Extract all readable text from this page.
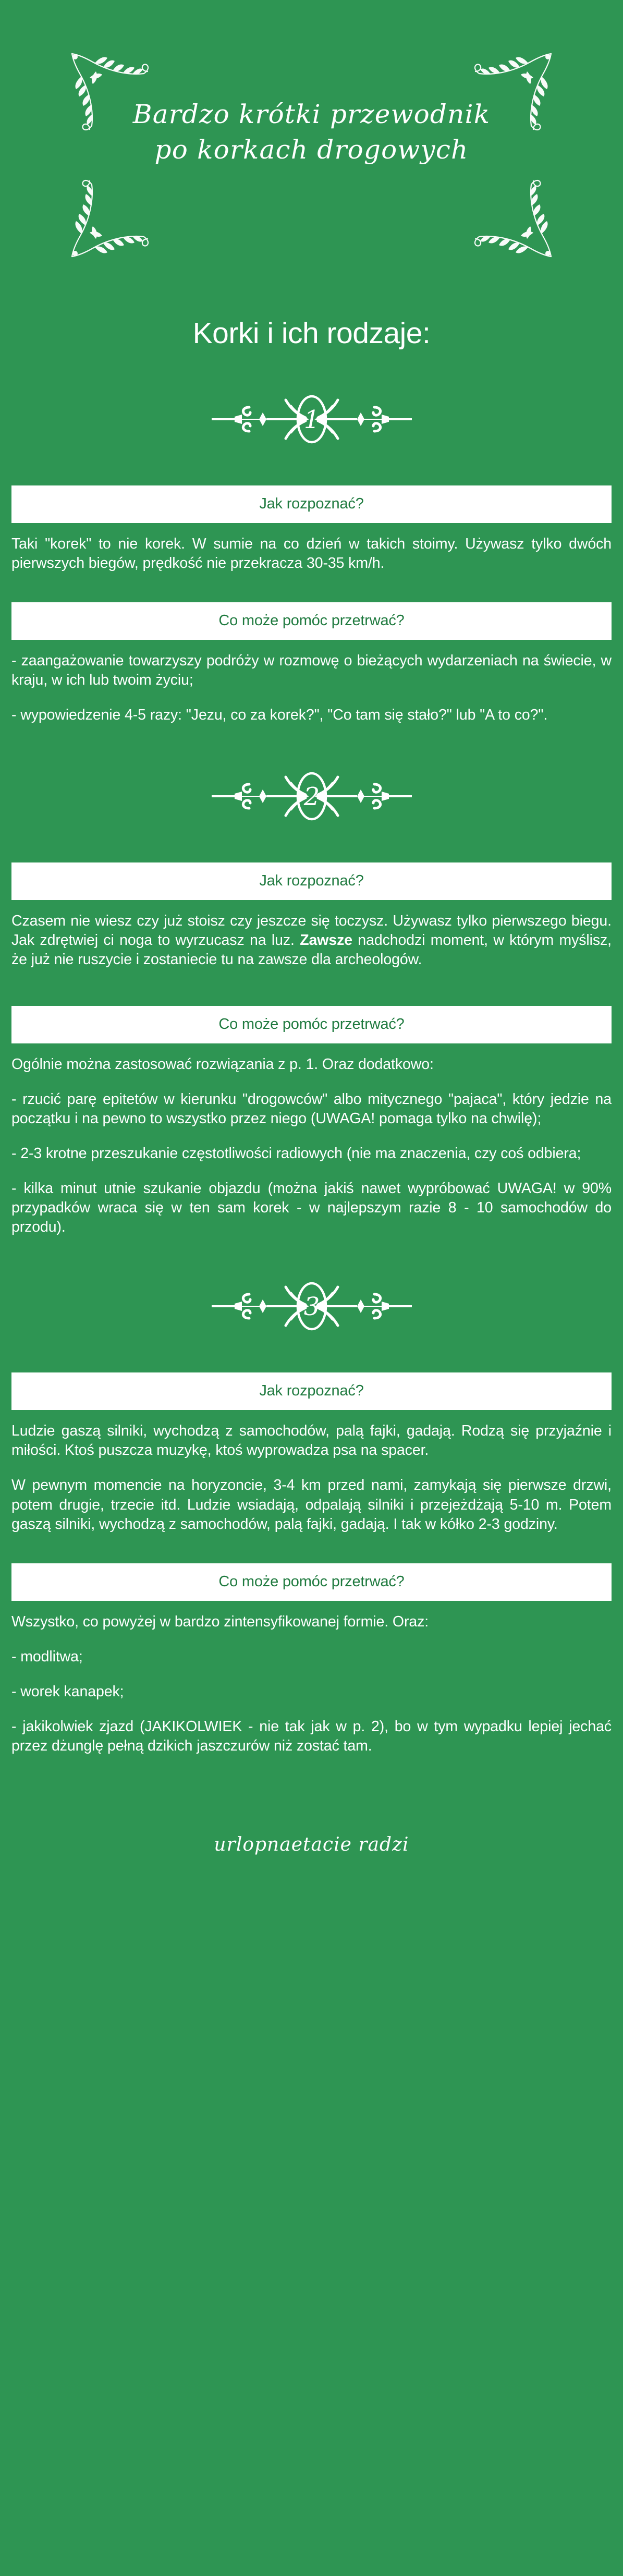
Bardzo krótki przewodnik
po korkach drogowych
Korki i ich rodzaje:
1
Jak rozpoznać?

Taki "korek" to nie korek. W sumie na co dzień w takich stoimy. Używasz tylko dwóch pierwszych biegów, prędkość nie przekracza 30-35 km/h.

Co może pomóc przetrwać?

- zaangażowanie towarzyszy podróży w rozmowę o bieżących wydarzeniach na świecie, w kraju, w ich lub twoim życiu;

- wypowiedzenie 4-5 razy: "Jezu, co za korek?", "Co tam się stało?" lub "A to co?".

2
Jak rozpoznać?

Czasem nie wiesz czy już stoisz czy jeszcze się toczysz. Używasz tylko pierwszego biegu. Jak zdrętwiej ci noga to wyrzucasz na luz. Zawsze nadchodzi moment, w którym myślisz, że już nie ruszycie i zostaniecie tu na zawsze dla archeologów.

Co może pomóc przetrwać?

Ogólnie można zastosować rozwiązania z p. 1. Oraz dodatkowo:

- rzucić parę epitetów w kierunku "drogowców" albo mitycznego "pajaca", który jedzie na początku i na pewno to wszystko przez niego (UWAGA! pomaga tylko na chwilę);

- 2-3 krotne przeszukanie częstotliwości radiowych (nie ma znaczenia, czy coś odbiera;

- kilka minut utnie szukanie objazdu (można jakiś nawet wypróbować UWAGA! w 90% przypadków wraca się w ten sam korek - w najlepszym razie 8 - 10 samochodów do przodu).

3
Jak rozpoznać?

Ludzie gaszą silniki, wychodzą z samochodów, palą fajki, gadają. Rodzą się przyjaźnie i miłości. Ktoś puszcza muzykę, ktoś wyprowadza psa na spacer.

W pewnym momencie na horyzoncie, 3-4 km przed nami, zamykają się pierwsze drzwi, potem drugie, trzecie itd. Ludzie wsiadają, odpalają silniki i przejeżdżają 5-10 m. Potem gaszą silniki, wychodzą z samochodów, palą fajki, gadają. I tak w kółko 2-3 godziny.

Co może pomóc przetrwać?

Wszystko, co powyżej w bardzo zintensyfikowanej formie. Oraz:

- modlitwa;

- worek kanapek;

- jakikolwiek zjazd (JAKIKOLWIEK - nie tak jak w p. 2), bo w tym wypadku lepiej jechać przez dżunglę pełną dzikich jaszczurów niż zostać tam.

urlopnaetacie radzi
